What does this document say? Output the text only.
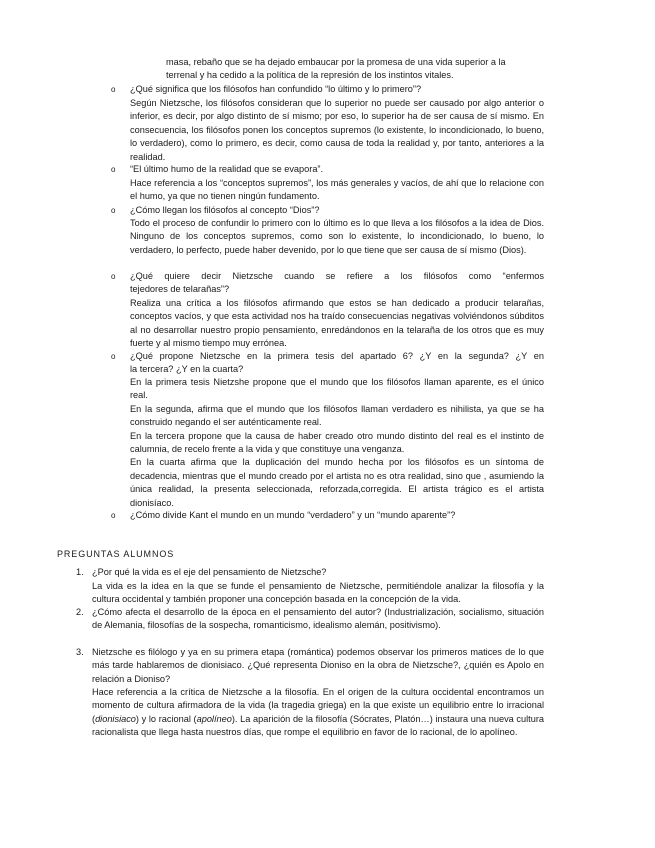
masa, rebaño que se ha dejado embaucar por la promesa de una vida superior a la

terrenal y ha cedido a la política de la represión de los instintos vitales.

o ¿Qué significa que los filósofos han confundido “lo último y lo primero”?
Según Nietzsche, los filósofos consideran que lo superior no puede ser causado por algo anterior o inferior, es decir, por algo distinto de sí mismo; por eso, lo superior ha de ser causa de sí mismo. En consecuencia, los filósofos ponen los conceptos supremos (lo existente, lo incondicionado, lo bueno, lo verdadero), como lo primero, es decir, como causa de toda la realidad y, por tanto, anteriores a la realidad.
o “El último humo de la realidad que se evapora”.
Hace referencia a los “conceptos supremos”, los más generales y vacíos, de ahí que lo relacione con el humo, ya que no tienen ningún fundamento.
o ¿Cómo llegan los filósofos al concepto “Dios”?
Todo el proceso de confundir lo primero con lo último es lo que lleva a los filósofos a la idea de Dios. Ninguno de los conceptos supremos, como son lo existente, lo incondicionado, lo bueno, lo verdadero, lo perfecto, puede haber devenido, por lo que tiene que ser causa de sí mismo (Dios).
o ¿Qué quiere decir Nietzsche cuando se refiere a los filósofos como “enfermos

tejedores de telarañas”?

Realiza una crítica a los filósofos afirmando que estos se han dedicado a producir telarañas, conceptos vacíos, y que esta actividad nos ha traído consecuencias negativas volviéndonos súbditos al no desarrollar nuestro propio pensamiento, enredándonos en la telaraña de los otros que es muy fuerte y al mismo tiempo muy errónea.
o ¿Qué propone Nietzsche en la primera tesis del apartado 6? ¿Y en la segunda? ¿Y en

la tercera? ¿Y en la cuarta?

En la primera tesis Nietzshe propone que el mundo que los filósofos llaman aparente, es el único real.

En la segunda, afirma que el mundo que los filósofos llaman verdadero es nihilista, ya que se ha construido negando el ser auténticamente real.

En la tercera propone que la causa de haber creado otro mundo distinto del real es el instinto de calumnia, de recelo frente a la vida y que constituye una venganza.

En la cuarta afirma que la duplicación del mundo hecha por los filósofos es un síntoma de decadencia, mientras que el mundo creado por el artista no es otra realidad, sino que , asumiendo la única realidad, la presenta seleccionada, reforzada,corregida. El artista trágico es el artista dionisíaco.

o ¿Cómo divide Kant el mundo en un mundo “verdadero” y un “mundo aparente”?
PREGUNTAS ALUMNOS
1. ¿Por qué la vida es el eje del pensamiento de Nietzsche?
La vida es la idea en la que se funde el pensamiento de Nietzsche, permitiéndole analizar la filosofía y la cultura occidental y también proponer una concepción basada en la concepción de la vida.
2. ¿Cómo afecta el desarrollo de la época en el pensamiento del autor? (Industrialización, socialismo, situación de Alemania, filosofías de la sospecha, romanticismo, idealismo alemán, positivismo).
3. Nietzsche es filólogo y ya en su primera etapa (romántica) podemos observar los primeros matices de lo que más tarde hablaremos de dionisiaco. ¿Qué representa Dioniso en la obra de Nietzsche?, ¿quién es Apolo en relación a Dioniso?
Hace referencia a la crítica de Nietzsche a la filosofía. En el origen de la cultura occidental encontramos un momento de cultura afirmadora de la vida (la tragedia griega) en la que existe un equilibrio entre lo irracional (dionisiaco) y lo racional (apolíneo). La aparición de la filosofía (Sócrates, Platón…) instaura una nueva cultura racionalista que llega hasta nuestros días, que rompe el equilibrio en favor de lo racional, de lo apolíneo.
